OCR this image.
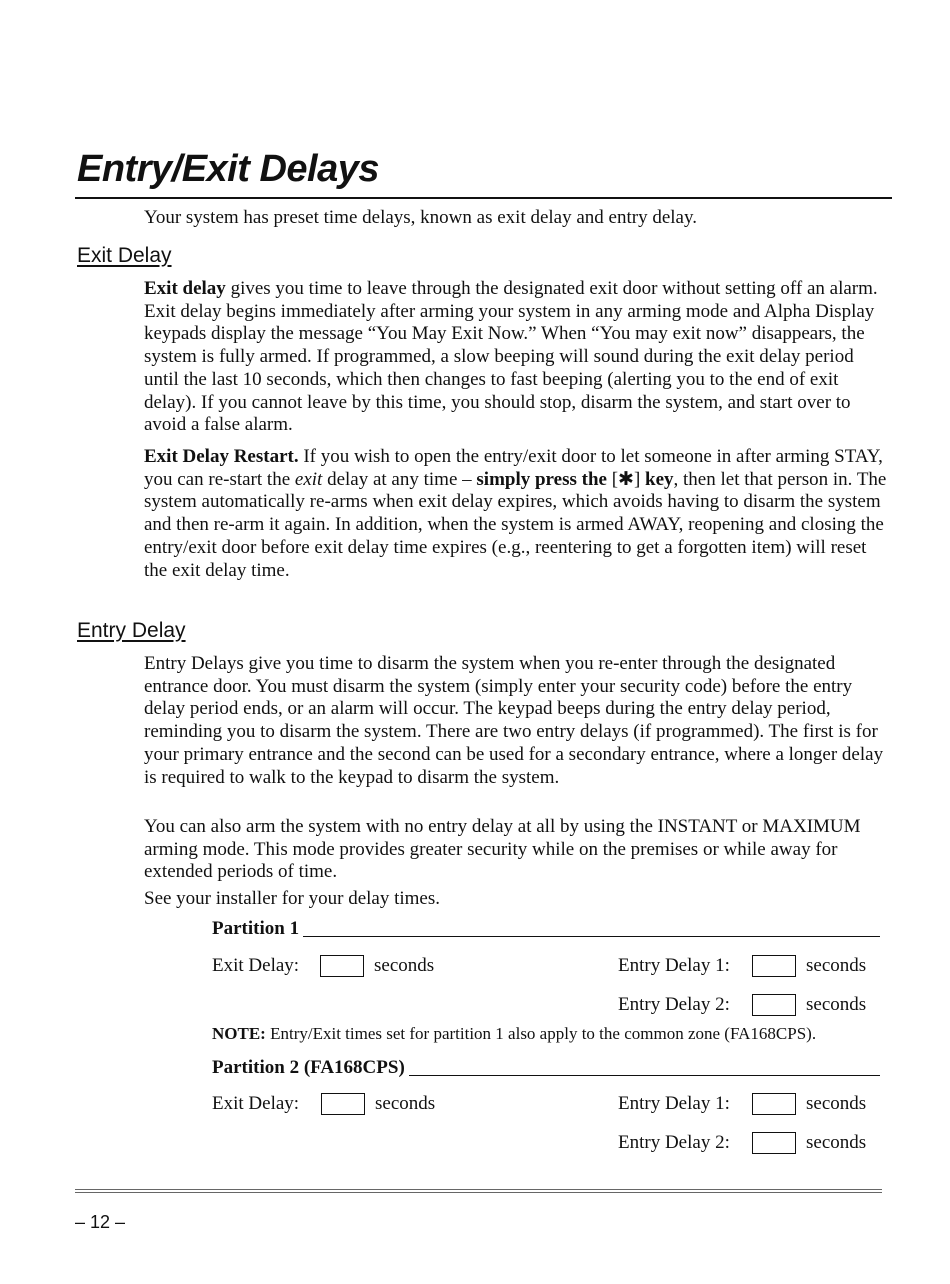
Entry/Exit Delays

Your system has preset time delays, known as exit delay and entry delay.

Exit Delay

Exit delay gives you time to leave through the designated exit door without setting off an alarm. Exit delay begins immediately after arming your system in any arming mode and Alpha Display keypads display the message “You May Exit Now.” When “You may exit now” disappears, the system is fully armed. If programmed, a slow beeping will sound during the exit delay period until the last 10 seconds, which then changes to fast beeping (alerting you to the end of exit delay). If you cannot leave by this time, you should stop, disarm the system, and start over to avoid a false alarm.

Exit Delay Restart. If you wish to open the entry/exit door to let someone in after arming STAY, you can re-start the exit delay at any time – simply press the [✱] key, then let that person in. The system automatically re-arms when exit delay expires, which avoids having to disarm the system and then re-arm it again. In addition, when the system is armed AWAY, reopening and closing the entry/exit door before exit delay time expires (e.g., reentering to get a forgotten item) will reset the exit delay time.

Entry Delay

Entry Delays give you time to disarm the system when you re-enter through the designated entrance door. You must disarm the system (simply enter your security code) before the entry delay period ends, or an alarm will occur. The keypad beeps during the entry delay period, reminding you to disarm the system. There are two entry delays (if programmed). The first is for your primary entrance and the second can be used for a secondary entrance, where a longer delay is required to walk to the keypad to disarm the system.

You can also arm the system with no entry delay at all by using the INSTANT or MAXIMUM arming mode. This mode provides greater security while on the premises or while away for extended periods of time.

See your installer for your delay times.

Partition 1
Exit Delay:	seconds	Entry Delay 1:	seconds
Entry Delay 2:	seconds
NOTE: Entry/Exit times set for partition 1 also apply to the common zone (FA168CPS).
Partition 2 (FA168CPS)
Exit Delay:	seconds	Entry Delay 1:	seconds
Entry Delay 2:	seconds
– 12 –
